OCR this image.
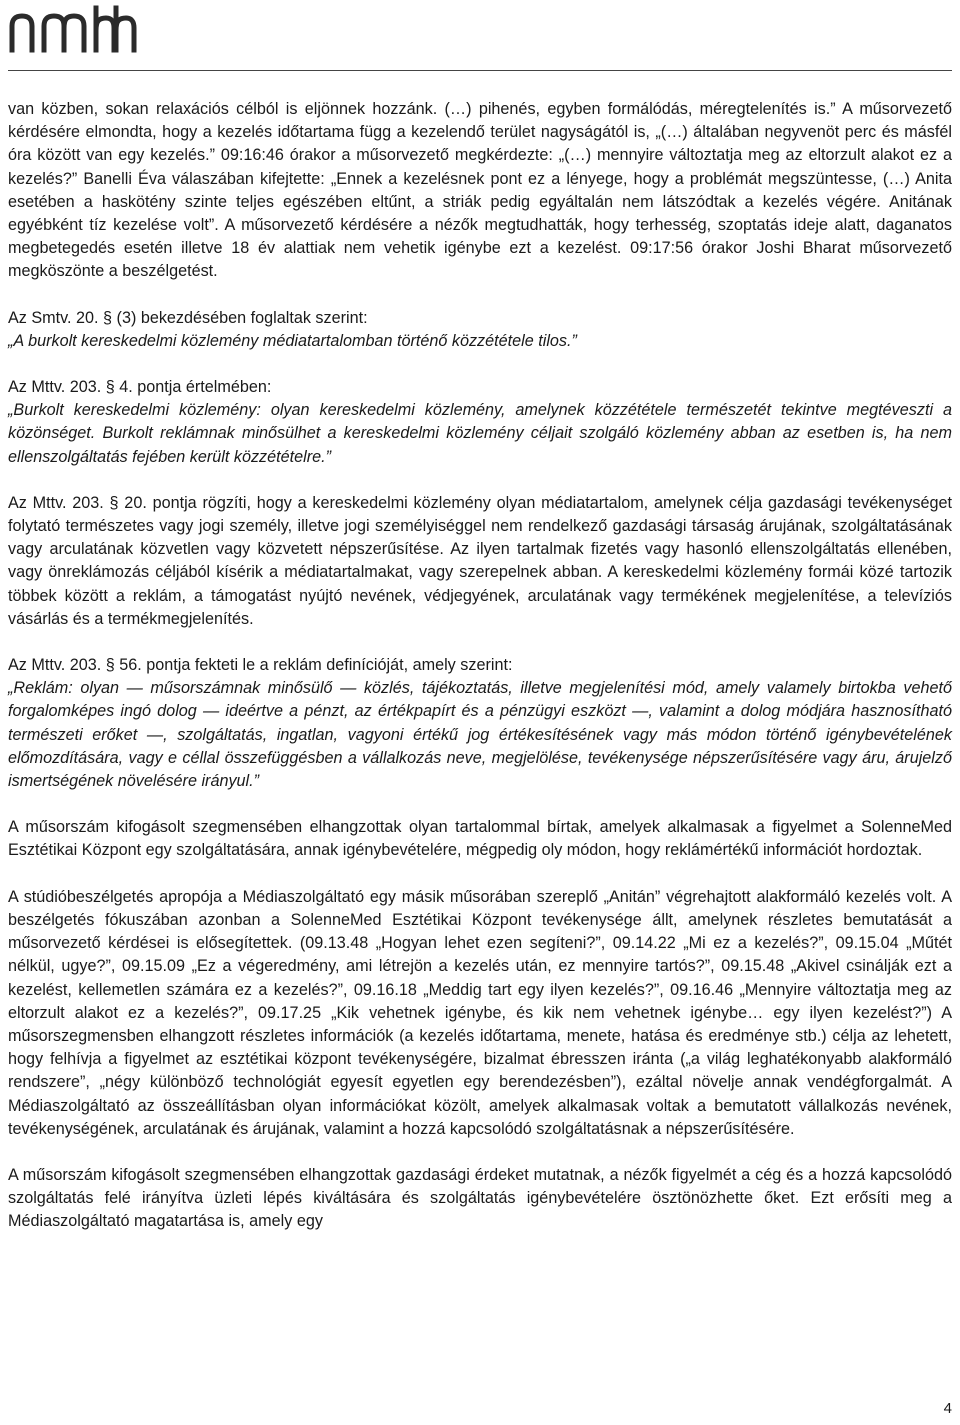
van közben, sokan relaxációs célból is eljönnek hozzánk. (…) pihenés, egyben formálódás, méregtelenítés is.” A műsorvezető kérdésére elmondta, hogy a kezelés időtartama függ a kezelendő terület nagyságától is, „(…) általában negyvenöt perc és másfél óra között van egy kezelés.” 09:16:46 órakor a műsorvezető megkérdezte: „(…) mennyire változtatja meg az eltorzult alakot ez a kezelés?” Banelli Éva válaszában kifejtette: „Ennek a kezelésnek pont ez a lényege, hogy a problémát megszüntesse, (…) Anita esetében a haskötény szinte teljes egészében eltűnt, a striák pedig egyáltalán nem látszódtak a kezelés végére. Anitának egyébként tíz kezelése volt”. A műsorvezető kérdésére a nézők megtudhatták, hogy terhesség, szoptatás ideje alatt, daganatos megbetegedés esetén illetve 18 év alattiak nem vehetik igénybe ezt a kezelést. 09:17:56 órakor Joshi Bharat műsorvezető megköszönte a beszélgetést.

Az Smtv. 20. § (3) bekezdésében foglaltak szerint:

„A burkolt kereskedelmi közlemény médiatartalomban történő közzététele tilos.”

Az Mttv. 203. § 4. pontja értelmében:

„Burkolt kereskedelmi közlemény: olyan kereskedelmi közlemény, amelynek közzététele természetét tekintve megtéveszti a közönséget. Burkolt reklámnak minősülhet a kereskedelmi közlemény céljait szolgáló közlemény abban az esetben is, ha nem ellenszolgáltatás fejében került közzétételre.”

Az Mttv. 203. § 20. pontja rögzíti, hogy a kereskedelmi közlemény olyan médiatartalom, amelynek célja gazdasági tevékenységet folytató természetes vagy jogi személy, illetve jogi személyiséggel nem rendelkező gazdasági társaság árujának, szolgáltatásának vagy arculatának közvetlen vagy közvetett népszerűsítése. Az ilyen tartalmak fizetés vagy hasonló ellenszolgáltatás ellenében, vagy önreklámozás céljából kísérik a médiatartalmakat, vagy szerepelnek abban. A kereskedelmi közlemény formái közé tartozik többek között a reklám, a támogatást nyújtó nevének, védjegyének, arculatának vagy termékének megjelenítése, a televíziós vásárlás és a termékmegjelenítés.

Az Mttv. 203. § 56. pontja fekteti le a reklám definícióját, amely szerint:

„Reklám: olyan — műsorszámnak minősülő — közlés, tájékoztatás, illetve megjelenítési mód, amely valamely birtokba vehető forgalomképes ingó dolog — ideértve a pénzt, az értékpapírt és a pénzügyi eszközt —, valamint a dolog módjára hasznosítható természeti erőket —, szolgáltatás, ingatlan, vagyoni értékű jog értékesítésének vagy más módon történő igénybevételének előmozdítására, vagy e céllal összefüggésben a vállalkozás neve, megjelölése, tevékenysége népszerűsítésére vagy áru, árujelző ismertségének növelésére irányul.”

A műsorszám kifogásolt szegmensében elhangzottak olyan tartalommal bírtak, amelyek alkalmasak a figyelmet a SolenneMed Esztétikai Központ egy szolgáltatására, annak igénybevételére, mégpedig oly módon, hogy reklámértékű információt hordoztak.

A stúdióbeszélgetés apropója a Médiaszolgáltató egy másik műsorában szereplő „Anitán” végrehajtott alakformáló kezelés volt. A beszélgetés fókuszában azonban a SolenneMed Esztétikai Központ tevékenysége állt, amelynek részletes bemutatását a műsorvezető kérdései is elősegítettek. (09.13.48 „Hogyan lehet ezen segíteni?”, 09.14.22 „Mi ez a kezelés?”, 09.15.04 „Műtét nélkül, ugye?”, 09.15.09 „Ez a végeredmény, ami létrejön a kezelés után, ez mennyire tartós?”, 09.15.48 „Akivel csinálják ezt a kezelést, kellemetlen számára ez a kezelés?”, 09.16.18 „Meddig tart egy ilyen kezelés?”, 09.16.46 „Mennyire változtatja meg az eltorzult alakot ez a kezelés?”, 09.17.25 „Kik vehetnek igénybe, és kik nem vehetnek igénybe… egy ilyen kezelést?”) A műsorszegmensben elhangzott részletes információk (a kezelés időtartama, menete, hatása és eredménye stb.) célja az lehetett, hogy felhívja a figyelmet az esztétikai központ tevékenységére, bizalmat ébresszen iránta („a világ leghatékonyabb alakformáló rendszere”, „négy különböző technológiát egyesít egyetlen egy berendezésben”), ezáltal növelje annak vendégforgalmát. A Médiaszolgáltató az összeállításban olyan információkat közölt, amelyek alkalmasak voltak a bemutatott vállalkozás nevének, tevékenységének, arculatának és árujának, valamint a hozzá kapcsolódó szolgáltatásnak a népszerűsítésére.

A műsorszám kifogásolt szegmensében elhangzottak gazdasági érdeket mutatnak, a nézők figyelmét a cég és a hozzá kapcsolódó szolgáltatás felé irányítva üzleti lépés kiváltására és szolgáltatás igénybevételére ösztönözhette őket. Ezt erősíti meg a Médiaszolgáltató magatartása is, amely egy

4
